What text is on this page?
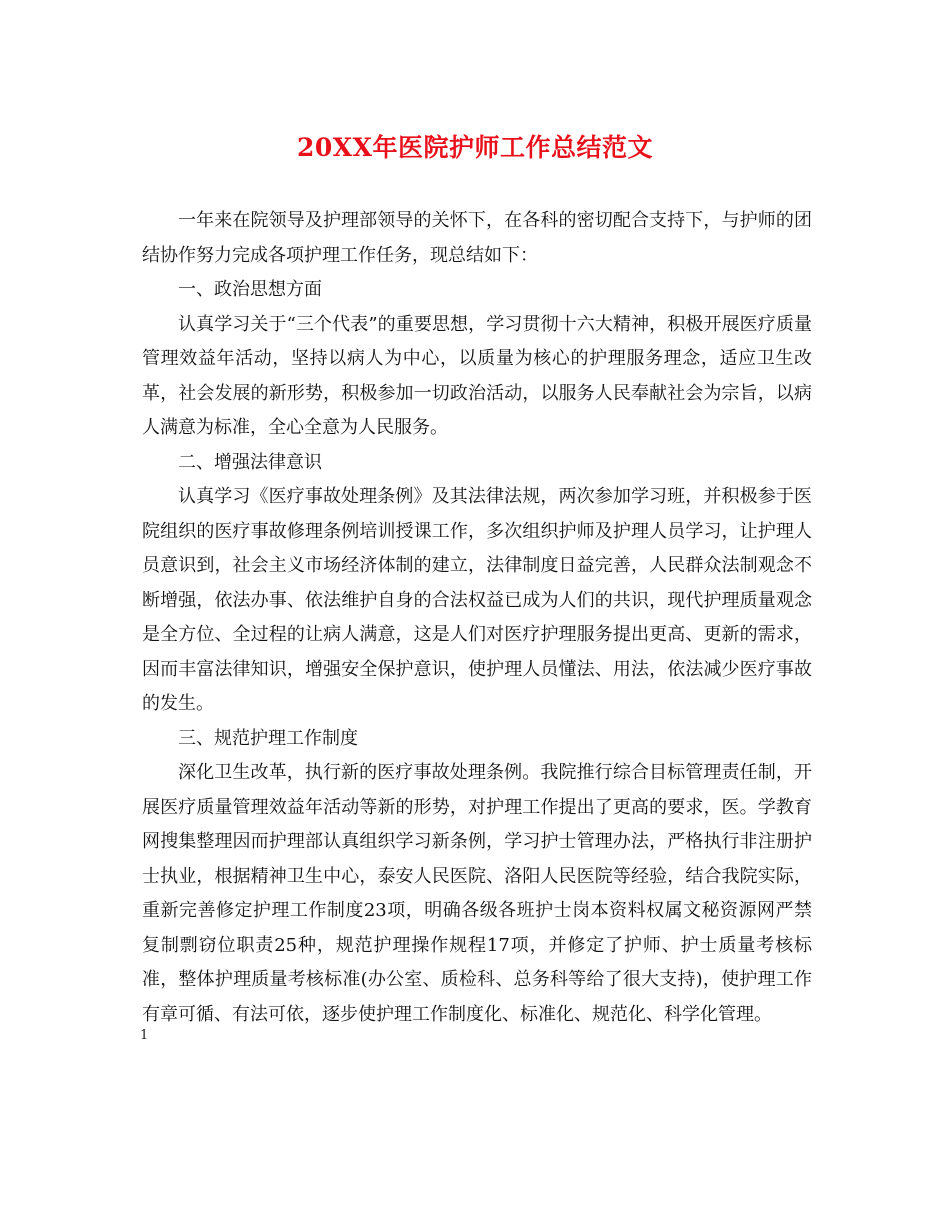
20XX年医院护师工作总结范文

一年来在院领导及护理部领导的关怀下，在各科的密切配合支持下，与护师的团结协作努力完成各项护理工作任务，现总结如下：

一、政治思想方面

认真学习关于“三个代表”的重要思想，学习贯彻十六大精神，积极开展医疗质量管理效益年活动，坚持以病人为中心，以质量为核心的护理服务理念，适应卫生改革，社会发展的新形势，积极参加一切政治活动，以服务人民奉献社会为宗旨，以病人满意为标准，全心全意为人民服务。

二、增强法律意识

认真学习《医疗事故处理条例》及其法律法规，两次参加学习班，并积极参于医院组织的医疗事故修理条例培训授课工作，多次组织护师及护理人员学习，让护理人员意识到，社会主义市场经济体制的建立，法律制度日益完善，人民群众法制观念不断增强，依法办事、依法维护自身的合法权益已成为人们的共识，现代护理质量观念是全方位、全过程的让病人满意，这是人们对医疗护理服务提出更高、更新的需求，因而丰富法律知识，增强安全保护意识，使护理人员懂法、用法，依法减少医疗事故的发生。

三、规范护理工作制度

深化卫生改革，执行新的医疗事故处理条例。我院推行综合目标管理责任制，开展医疗质量管理效益年活动等新的形势，对护理工作提出了更高的要求，医。学教育网搜集整理因而护理部认真组织学习新条例，学习护士管理办法，严格执行非注册护士执业，根据精神卫生中心，泰安人民医院、洛阳人民医院等经验，结合我院实际，重新完善修定护理工作制度23项，明确各级各班护士岗本资料权属文秘资源网严禁复制剽窃位职责25种，规范护理操作规程17项，并修定了护师、护士质量考核标准，整体护理质量考核标准(办公室、质检科、总务科等给了很大支持)，使护理工作有章可循、有法可依，逐步使护理工作制度化、标准化、规范化、科学化管理。

1
